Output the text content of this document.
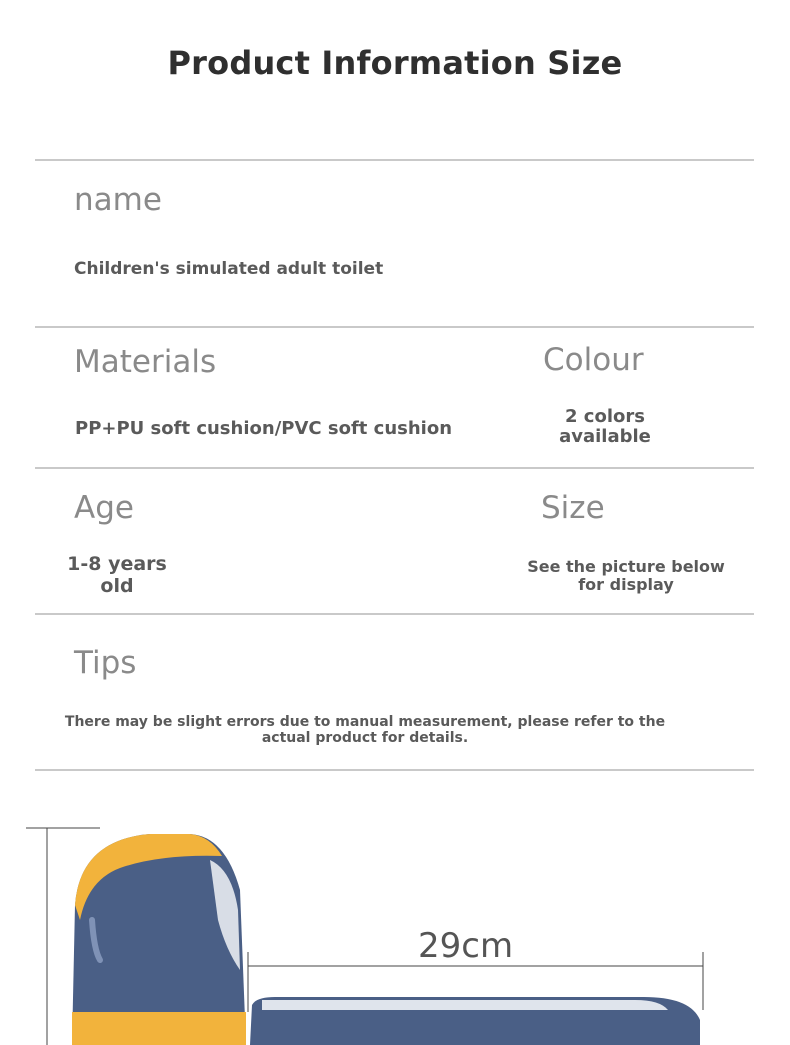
Product Information Size
name
Children's simulated adult toilet
Materials
PP+PU soft cushion/PVC soft cushion
Colour
2 colors
available
Age
1-8 years
old
Size
See the picture below
for display
Tips
There may be slight errors due to manual measurement, please refer to the
actual product for details.
29cm
